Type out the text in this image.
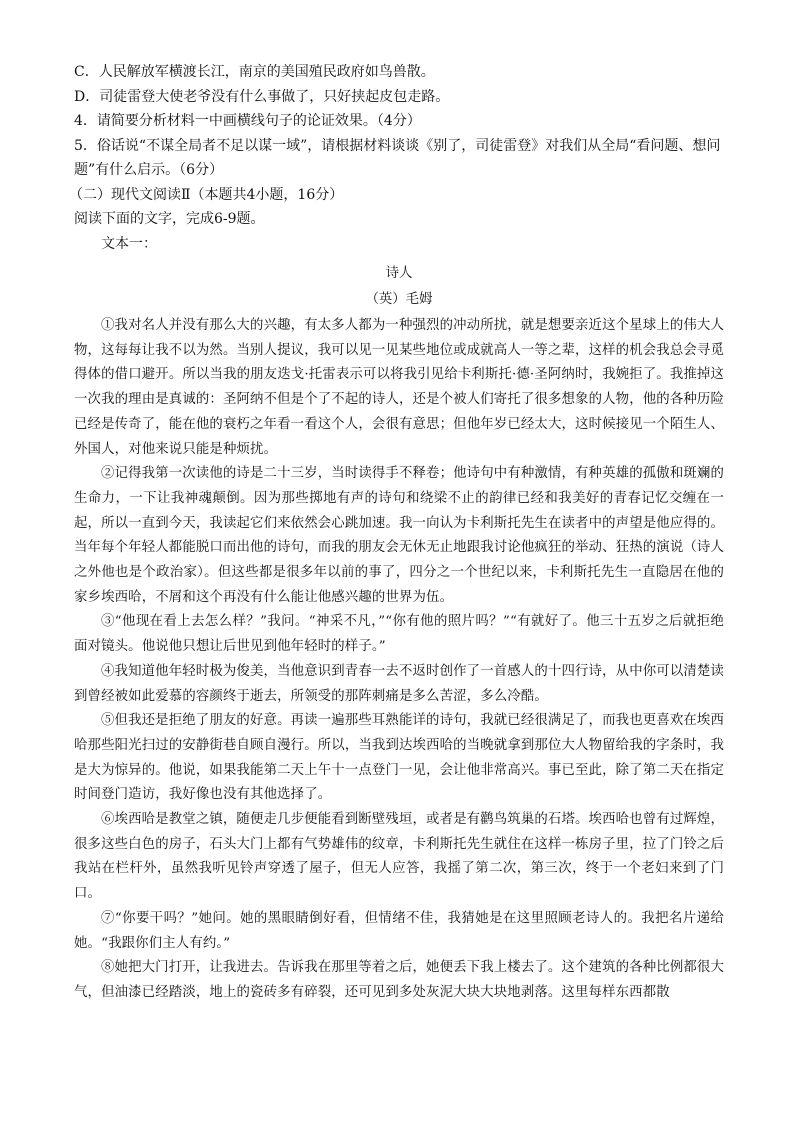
C．人民解放军横渡长江，南京的美国殖民政府如鸟兽散。
D．司徒雷登大使老爷没有什么事做了，只好挟起皮包走路。
4．请简要分析材料一中画横线句子的论证效果。（4分）
5．俗话说“不谋全局者不足以谋一域”，请根据材料谈谈《别了，司徒雷登》对我们从全局“看问题、想问题”有什么启示。（6分）
（二）现代文阅读Ⅱ（本题共4小题，16分）
阅读下面的文字，完成6-9题。
文本一：
诗人
（英）毛姆

①我对名人并没有那么大的兴趣，有太多人都为一种强烈的冲动所扰，就是想要亲近这个星球上的伟大人物，这每每让我不以为然。当别人提议，我可以见一见某些地位或成就高人一等之辈，这样的机会我总会寻觅得体的借口避开。所以当我的朋友迭戈·托雷表示可以将我引见给卡利斯托·德·圣阿纳时，我婉拒了。我推掉这一次我的理由是真诚的：圣阿纳不但是个了不起的诗人，还是个被人们寄托了很多想象的人物，他的各种历险已经是传奇了，能在他的衰朽之年看一看这个人，会很有意思；但他年岁已经太大，这时候接见一个陌生人、外国人，对他来说只能是种烦扰。

②记得我第一次读他的诗是二十三岁，当时读得手不释卷；他诗句中有种激情，有种英雄的孤傲和斑斓的生命力，一下让我神魂颠倒。因为那些掷地有声的诗句和绕梁不止的韵律已经和我美好的青春记忆交缠在一起，所以一直到今天，我读起它们来依然会心跳加速。我一向认为卡利斯托先生在读者中的声望是他应得的。当年每个年轻人都能脱口而出他的诗句，而我的朋友会无休无止地跟我讨论他疯狂的举动、狂热的演说（诗人之外他也是个政治家）。但这些都是很多年以前的事了，四分之一个世纪以来，卡利斯托先生一直隐居在他的家乡埃西哈，不屑和这个再没有什么能让他感兴趣的世界为伍。

③“他现在看上去怎么样？”我问。“神采不凡，”“你有他的照片吗？”“有就好了。他三十五岁之后就拒绝面对镜头。他说他只想让后世见到他年轻时的样子。”

④我知道他年轻时极为俊美，当他意识到青春一去不返时创作了一首感人的十四行诗，从中你可以清楚读到曾经被如此爱慕的容颜终于逝去，所领受的那阵刺痛是多么苦涩，多么冷酷。

⑤但我还是拒绝了朋友的好意。再读一遍那些耳熟能详的诗句，我就已经很满足了，而我也更喜欢在埃西哈那些阳光扫过的安静街巷自顾自漫行。所以，当我到达埃西哈的当晚就拿到那位大人物留给我的字条时，我是大为惊异的。他说，如果我能第二天上午十一点登门一见，会让他非常高兴。事已至此，除了第二天在指定时间登门造访，我好像也没有其他选择了。

⑥埃西哈是教堂之镇，随便走几步便能看到断壁残垣，或者是有鹳鸟筑巢的石塔。埃西哈也曾有过辉煌，很多这些白色的房子，石头大门上都有气势雄伟的纹章，卡利斯托先生就住在这样一栋房子里，拉了门铃之后我站在栏杆外，虽然我听见铃声穿透了屋子，但无人应答，我摇了第二次，第三次，终于一个老妇来到了门口。

⑦“你要干吗？”她问。她的黑眼睛倒好看，但情绪不佳，我猜她是在这里照顾老诗人的。我把名片递给她。“我跟你们主人有约。”

⑧她把大门打开，让我进去。告诉我在那里等着之后，她便丢下我上楼去了。这个建筑的各种比例都很大气，但油漆已经踏淡，地上的瓷砖多有碎裂，还可见到多处灰泥大块大块地剥落。这里每样东西都散
